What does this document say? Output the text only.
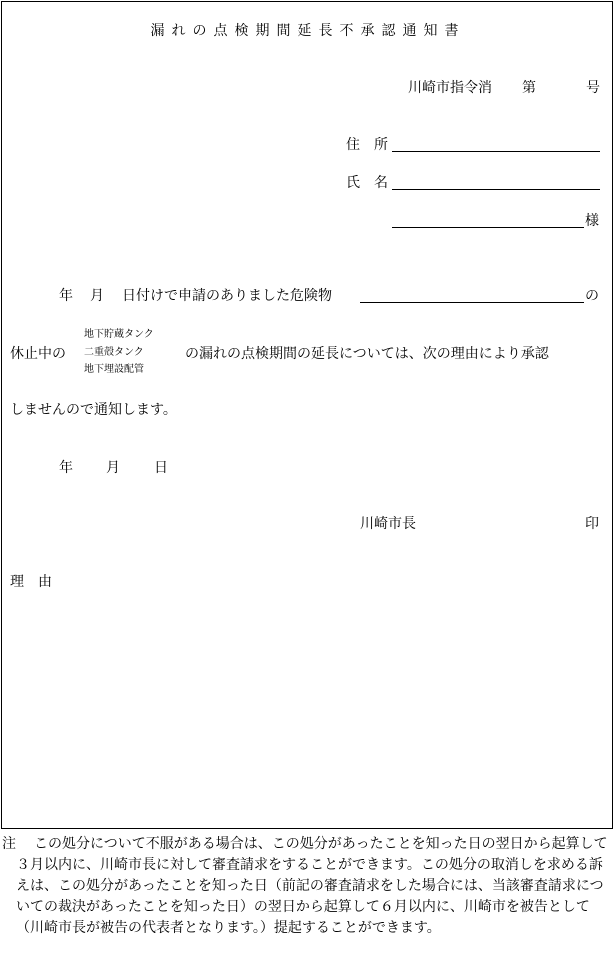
漏れの点検期間延長不承認通知書
川崎市指令消 第	号
住　所
氏　名
様
年 月 日付けで申請のありました危険物	の
地下貯蔵タンク
休止中の 二重殻タンク	の漏れの点検期間の延長については、次の理由により承認
地下埋設配管
しませんので通知します。
年 月 日
川崎市長	印
理　由
注	この処分について不服がある場合は、この処分があったことを知った日の翌日から起算して３月以内に、川崎市長に対して審査請求をすることができます。この処分の取消しを求める訴えは、この処分があったことを知った日（前記の審査請求をした場合には、当該審査請求についての裁決があったことを知った日）の翌日から起算して６月以内に、川崎市を被告として（川崎市長が被告の代表者となります。）提起することができます。
